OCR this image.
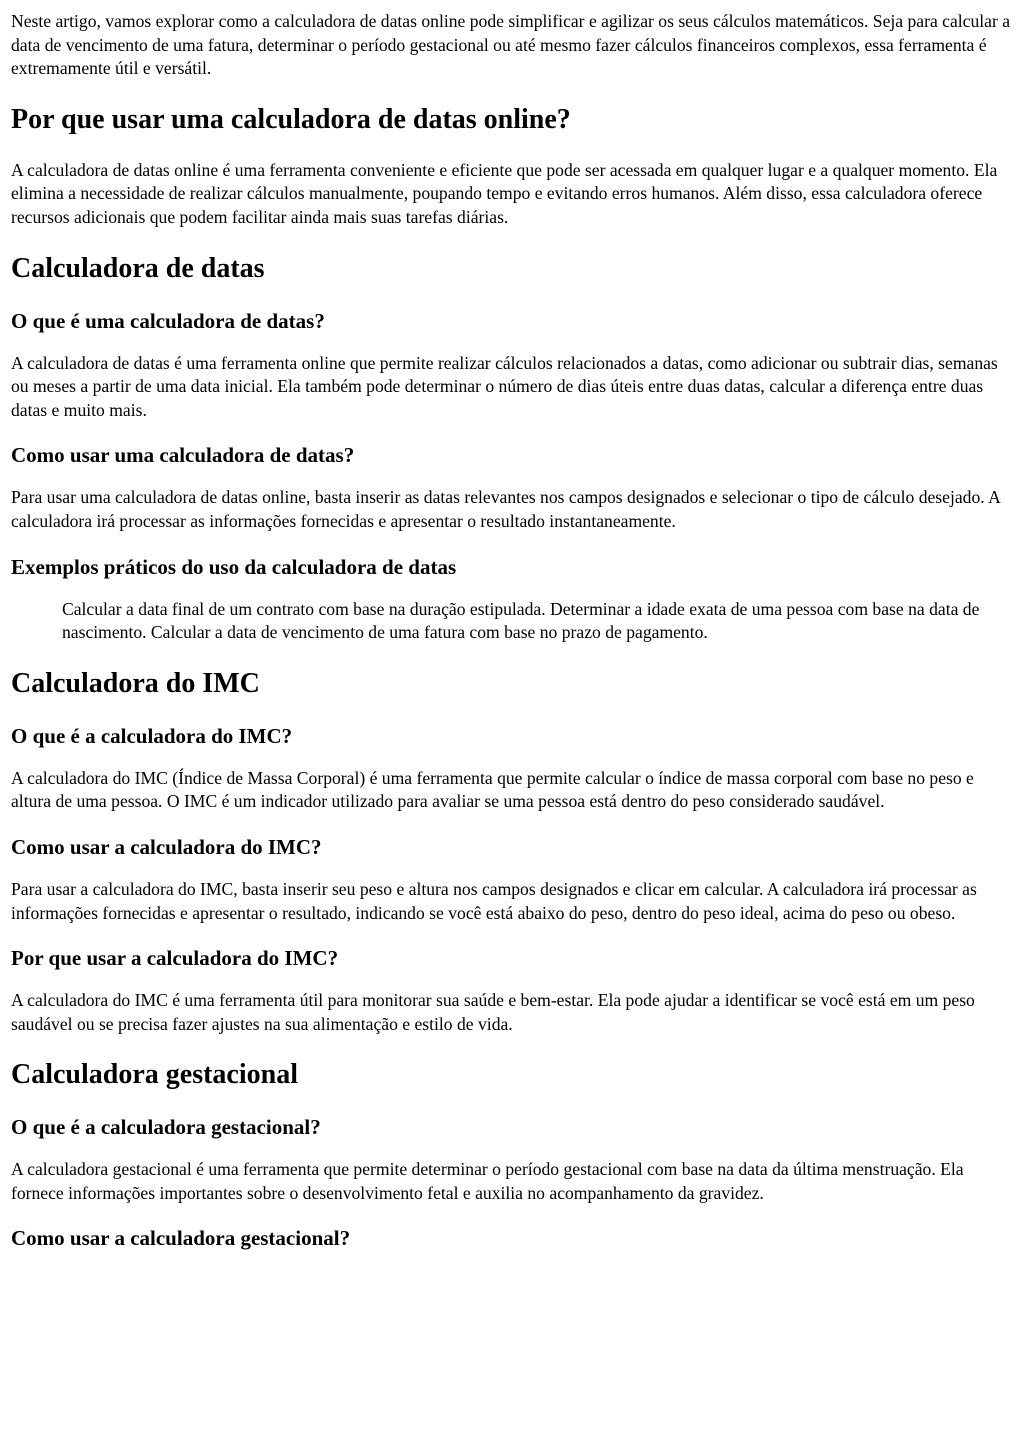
Neste artigo, vamos explorar como a calculadora de datas online pode simplificar e agilizar os seus cálculos matemáticos. Seja para calcular a data de vencimento de uma fatura, determinar o período gestacional ou até mesmo fazer cálculos financeiros complexos, essa ferramenta é extremamente útil e versátil.

Por que usar uma calculadora de datas online?

A calculadora de datas online é uma ferramenta conveniente e eficiente que pode ser acessada em qualquer lugar e a qualquer momento. Ela elimina a necessidade de realizar cálculos manualmente, poupando tempo e evitando erros humanos. Além disso, essa calculadora oferece recursos adicionais que podem facilitar ainda mais suas tarefas diárias.

Calculadora de datas
O que é uma calculadora de datas?

A calculadora de datas é uma ferramenta online que permite realizar cálculos relacionados a datas, como adicionar ou subtrair dias, semanas ou meses a partir de uma data inicial. Ela também pode determinar o número de dias úteis entre duas datas, calcular a diferença entre duas datas e muito mais.

Como usar uma calculadora de datas?

Para usar uma calculadora de datas online, basta inserir as datas relevantes nos campos designados e selecionar o tipo de cálculo desejado. A calculadora irá processar as informações fornecidas e apresentar o resultado instantaneamente.

Exemplos práticos do uso da calculadora de datas
Calcular a data final de um contrato com base na duração estipulada. Determinar a idade exata de uma pessoa com base na data de nascimento. Calcular a data de vencimento de uma fatura com base no prazo de pagamento.
Calculadora do IMC
O que é a calculadora do IMC?

A calculadora do IMC (Índice de Massa Corporal) é uma ferramenta que permite calcular o índice de massa corporal com base no peso e altura de uma pessoa. O IMC é um indicador utilizado para avaliar se uma pessoa está dentro do peso considerado saudável.

Como usar a calculadora do IMC?

Para usar a calculadora do IMC, basta inserir seu peso e altura nos campos designados e clicar em calcular. A calculadora irá processar as informações fornecidas e apresentar o resultado, indicando se você está abaixo do peso, dentro do peso ideal, acima do peso ou obeso.

Por que usar a calculadora do IMC?

A calculadora do IMC é uma ferramenta útil para monitorar sua saúde e bem-estar. Ela pode ajudar a identificar se você está em um peso saudável ou se precisa fazer ajustes na sua alimentação e estilo de vida.

Calculadora gestacional
O que é a calculadora gestacional?

A calculadora gestacional é uma ferramenta que permite determinar o período gestacional com base na data da última menstruação. Ela fornece informações importantes sobre o desenvolvimento fetal e auxilia no acompanhamento da gravidez.

Como usar a calculadora gestacional?
